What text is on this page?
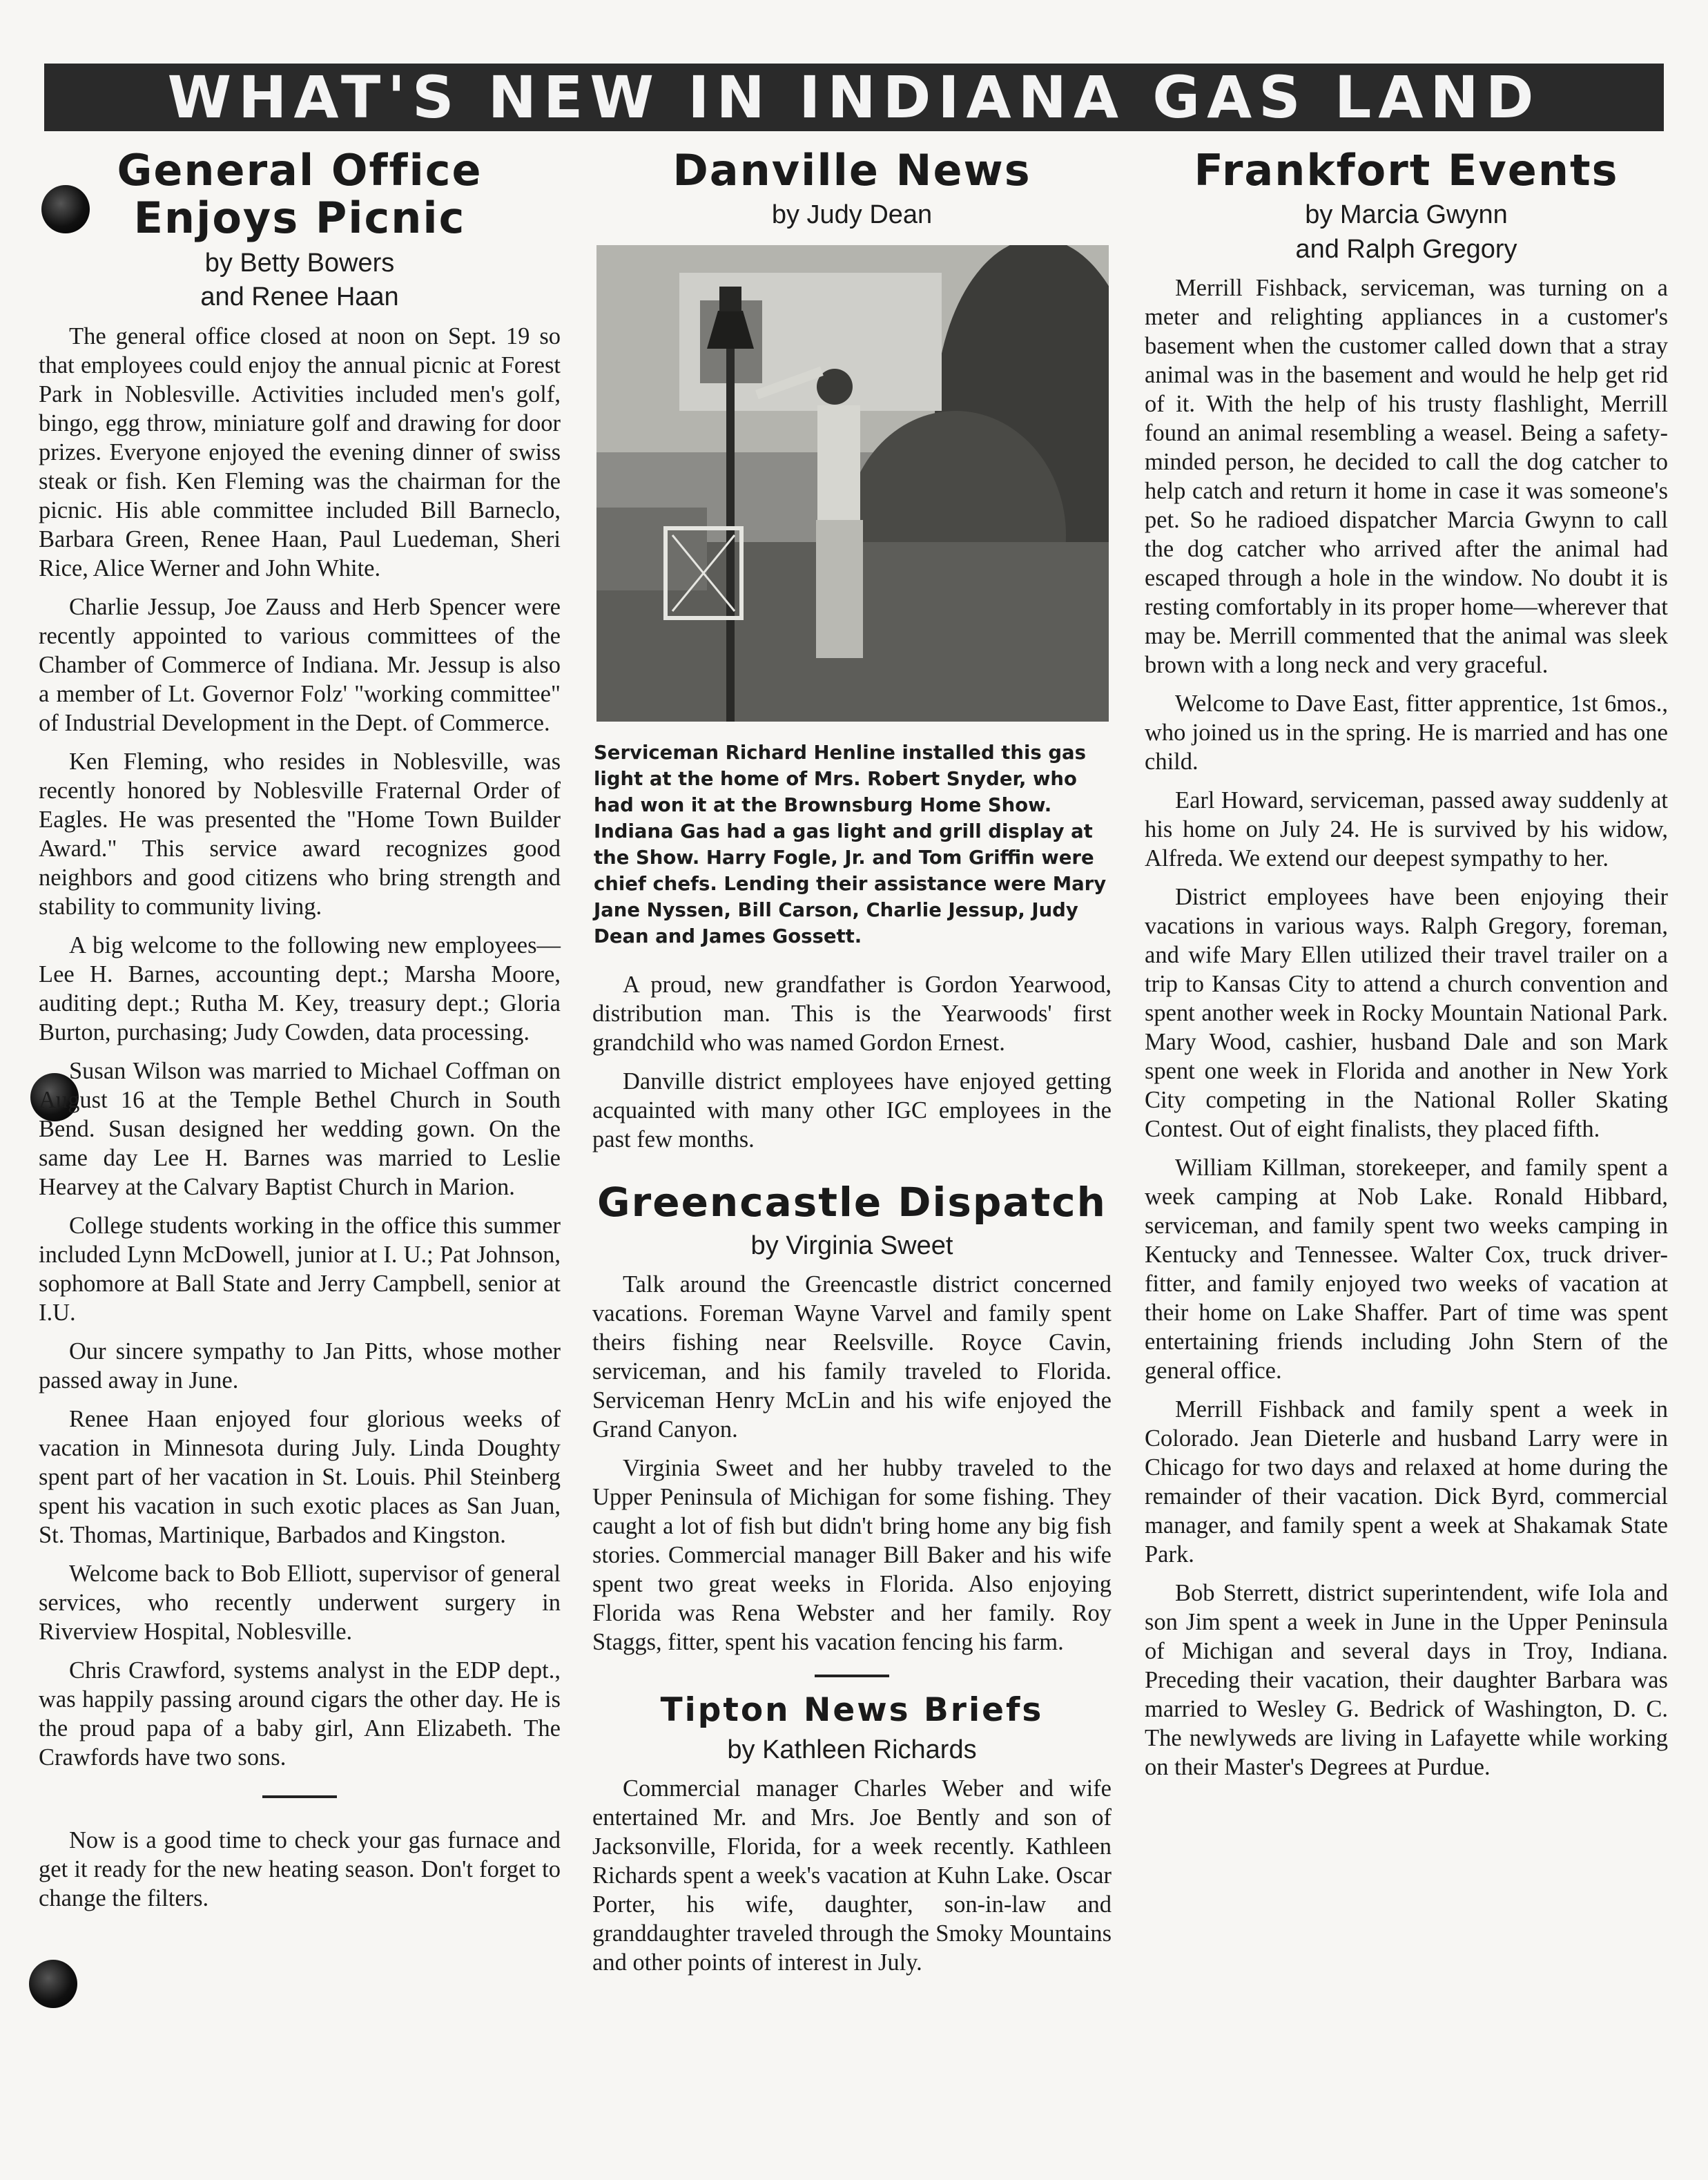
WHAT'S NEW IN INDIANA GAS LAND
General Office
Enjoys Picnic
by Betty Bowers
and Renee Haan

The general office closed at noon on Sept. 19 so that employees could enjoy the annual picnic at Forest Park in Noblesville. Activities included men's golf, bingo, egg throw, miniature golf and drawing for door prizes. Everyone enjoyed the evening dinner of swiss steak or fish. Ken Fleming was the chairman for the picnic. His able committee included Bill Barneclo, Barbara Green, Renee Haan, Paul Luedeman, Sheri Rice, Alice Werner and John White.

Charlie Jessup, Joe Zauss and Herb Spencer were recently appointed to various committees of the Chamber of Commerce of Indiana. Mr. Jessup is also a member of Lt. Governor Folz' "working committee" of Industrial Development in the Dept. of Commerce.

Ken Fleming, who resides in Noblesville, was recently honored by Noblesville Fraternal Order of Eagles. He was presented the "Home Town Builder Award." This service award recognizes good neighbors and good citizens who bring strength and stability to community living.

A big welcome to the following new employees—Lee H. Barnes, accounting dept.; Marsha Moore, auditing dept.; Rutha M. Key, treasury dept.; Gloria Burton, purchasing; Judy Cowden, data processing.

Susan Wilson was married to Michael Coffman on August 16 at the Temple Bethel Church in South Bend. Susan designed her wedding gown. On the same day Lee H. Barnes was married to Leslie Hearvey at the Calvary Baptist Church in Marion.

College students working in the office this summer included Lynn McDowell, junior at I. U.; Pat Johnson, sophomore at Ball State and Jerry Campbell, senior at I.U.

Our sincere sympathy to Jan Pitts, whose mother passed away in June.

Renee Haan enjoyed four glorious weeks of vacation in Minnesota during July. Linda Doughty spent part of her vacation in St. Louis. Phil Steinberg spent his vacation in such exotic places as San Juan, St. Thomas, Martinique, Barbados and Kingston.

Welcome back to Bob Elliott, supervisor of general services, who recently underwent surgery in Riverview Hospital, Noblesville.

Chris Crawford, systems analyst in the EDP dept., was happily passing around cigars the other day. He is the proud papa of a baby girl, Ann Elizabeth. The Crawfords have two sons.

Now is a good time to check your gas furnace and get it ready for the new heating season. Don't forget to change the filters.

Danville News
by Judy Dean

Serviceman Richard Henline installed this gas light at the home of Mrs. Robert Snyder, who had won it at the Brownsburg Home Show. Indiana Gas had a gas light and grill display at the Show. Harry Fogle, Jr. and Tom Griffin were chief chefs. Lending their assistance were Mary Jane Nyssen, Bill Carson, Charlie Jessup, Judy Dean and James Gossett.

A proud, new grandfather is Gordon Yearwood, distribution man. This is the Yearwoods' first grandchild who was named Gordon Ernest.

Danville district employees have enjoyed getting acquainted with many other IGC employees in the past few months.

Greencastle Dispatch
by Virginia Sweet

Talk around the Greencastle district concerned vacations. Foreman Wayne Varvel and family spent theirs fishing near Reelsville. Royce Cavin, serviceman, and his family traveled to Florida. Serviceman Henry McLin and his wife enjoyed the Grand Canyon.

Virginia Sweet and her hubby traveled to the Upper Peninsula of Michigan for some fishing. They caught a lot of fish but didn't bring home any big fish stories. Commercial manager Bill Baker and his wife spent two great weeks in Florida. Also enjoying Florida was Rena Webster and her family. Roy Staggs, fitter, spent his vacation fencing his farm.

Tipton News Briefs
by Kathleen Richards

Commercial manager Charles Weber and wife entertained Mr. and Mrs. Joe Bently and son of Jacksonville, Florida, for a week recently. Kathleen Richards spent a week's vacation at Kuhn Lake. Oscar Porter, his wife, daughter, son-in-law and granddaughter traveled through the Smoky Mountains and other points of interest in July.

Frankfort Events
by Marcia Gwynn
and Ralph Gregory

Merrill Fishback, serviceman, was turning on a meter and relighting appliances in a customer's basement when the customer called down that a stray animal was in the basement and would he help get rid of it. With the help of his trusty flashlight, Merrill found an animal resembling a weasel. Being a safety-minded person, he decided to call the dog catcher to help catch and return it home in case it was someone's pet. So he radioed dispatcher Marcia Gwynn to call the dog catcher who arrived after the animal had escaped through a hole in the window. No doubt it is resting comfortably in its proper home—wherever that may be. Merrill commented that the animal was sleek brown with a long neck and very graceful.

Welcome to Dave East, fitter apprentice, 1st 6mos., who joined us in the spring. He is married and has one child.

Earl Howard, serviceman, passed away suddenly at his home on July 24. He is survived by his widow, Alfreda. We extend our deepest sympathy to her.

District employees have been enjoying their vacations in various ways. Ralph Gregory, foreman, and wife Mary Ellen utilized their travel trailer on a trip to Kansas City to attend a church convention and spent another week in Rocky Mountain National Park. Mary Wood, cashier, husband Dale and son Mark spent one week in Florida and another in New York City competing in the National Roller Skating Contest. Out of eight finalists, they placed fifth.

William Killman, storekeeper, and family spent a week camping at Nob Lake. Ronald Hibbard, serviceman, and family spent two weeks camping in Kentucky and Tennessee. Walter Cox, truck driver-fitter, and family enjoyed two weeks of vacation at their home on Lake Shaffer. Part of time was spent entertaining friends including John Stern of the general office.

Merrill Fishback and family spent a week in Colorado. Jean Dieterle and husband Larry were in Chicago for two days and relaxed at home during the remainder of their vacation. Dick Byrd, commercial manager, and family spent a week at Shakamak State Park.

Bob Sterrett, district superintendent, wife Iola and son Jim spent a week in June in the Upper Peninsula of Michigan and several days in Troy, Indiana. Preceding their vacation, their daughter Barbara was married to Wesley G. Bedrick of Washington, D. C. The newlyweds are living in Lafayette while working on their Master's Degrees at Purdue.
